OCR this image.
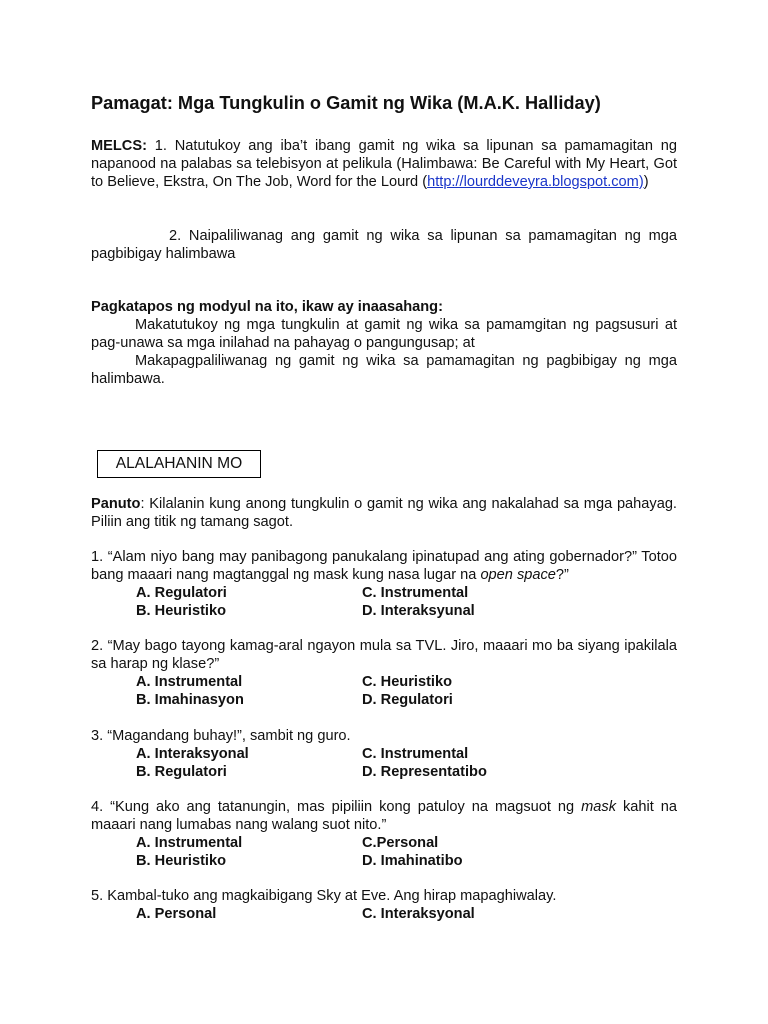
Pamagat: Mga Tungkulin o Gamit ng Wika (M.A.K. Halliday)
MELCS: 1. Natutukoy ang iba’t ibang gamit ng wika sa lipunan sa pamamagitan ng napanood na palabas sa telebisyon at pelikula (Halimbawa: Be Careful with My Heart, Got to Believe, Ekstra, On The Job, Word for the Lourd (http://lourddeveyra.blogspot.com))
2. Naipaliliwanag ang gamit ng wika sa lipunan sa pamamagitan ng mga pagbibigay halimbawa
Pagkatapos ng modyul na ito, ikaw ay inaasahang:
Makatutukoy ng mga tungkulin at gamit ng wika sa pamamgitan ng pagsusuri at pag-unawa sa mga inilahad na pahayag o pangungusap; at
Makapagpaliliwanag ng gamit ng wika sa pamamagitan ng pagbibigay ng mga halimbawa.
ALALAHANIN MO
Panuto: Kilalanin kung anong tungkulin o gamit ng wika ang nakalahad sa mga pahayag. Piliin ang titik ng tamang sagot.
1. “Alam niyo bang may panibagong panukalang ipinatupad ang ating gobernador?” Totoo bang maaari nang magtanggal ng mask kung nasa lugar na open space?”
A. Regulatori	C. Instrumental
B. Heuristiko	D. Interaksyunal
2. “May bago tayong kamag-aral ngayon mula sa TVL. Jiro, maaari mo ba siyang ipakilala sa harap ng klase?”
A. Instrumental	C. Heuristiko
B. Imahinasyon	D. Regulatori
3. “Magandang buhay!”, sambit ng guro.
A. Interaksyonal	C. Instrumental
B. Regulatori	D. Representatibo
4. “Kung ako ang tatanungin, mas pipiliin kong patuloy na magsuot ng mask kahit na maaari nang lumabas nang walang suot nito.”
A. Instrumental	C.Personal
B. Heuristiko	D. Imahinatibo
5. Kambal-tuko ang magkaibigang Sky at Eve. Ang hirap mapaghiwalay.
A. Personal	C. Interaksyonal
